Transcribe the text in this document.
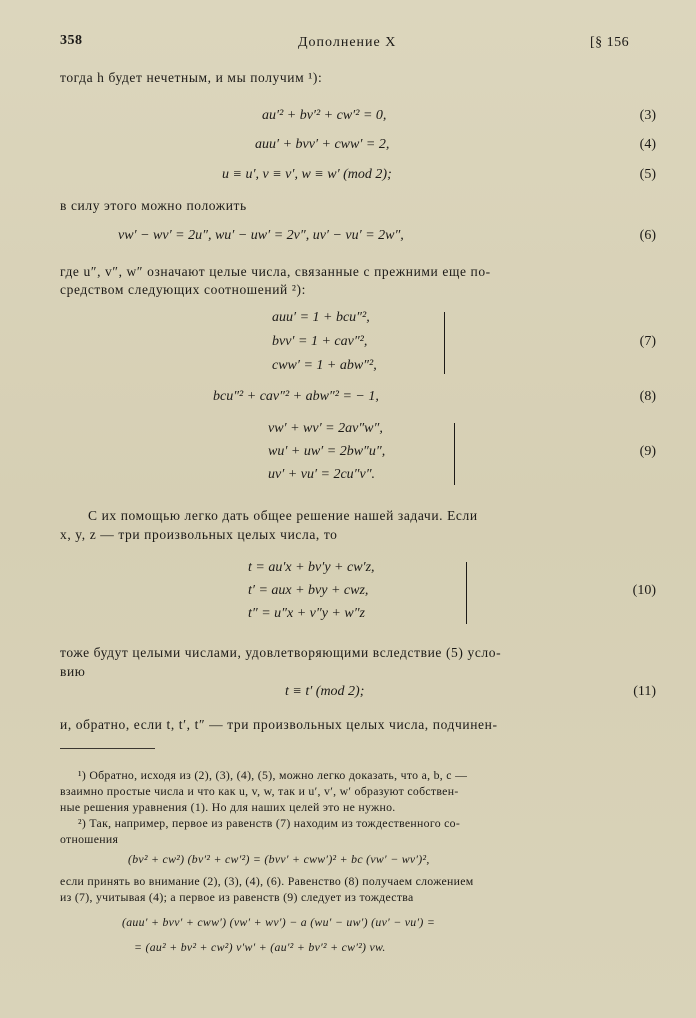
358	Дополнение X	[§ 156
тогда h будет нечетным, и мы получим ¹):
au′² + bv′² + cw′² = 0,	(3)
auu′ + bvv′ + cww′ = 2,	(4)
u ≡ u′, v ≡ v′, w ≡ w′ (mod 2);	(5)
в силу этого можно положить
vw′ − wv′ = 2u″, wu′ − uw′ = 2v″, uv′ − vu′ = 2w″,	(6)
где u″, v″, w″ означают целые числа, связанные с прежними еще по-
средством следующих соотношений ²):
auu′ = 1 + bcu″²,
bvv′ = 1 + cav″²,
cww′ = 1 + abw″²,
(7)
bcu″² + cav″² + abw″² = − 1,	(8)
vw′ + wv′ = 2av″w″,
wu′ + uw′ = 2bw″u″,
uv′ + vu′ = 2cu″v″.
(9)
С их помощью легко дать общее решение нашей задачи. Если
x, y, z — три произвольных целых числа, то
t = au′x + bv′y + cw′z,
t′ = aux + bvy + cwz,
t″ = u″x + v″y + w″z
(10)
тоже будут целыми числами, удовлетворяющими вследствие (5) усло-
вию
t ≡ t′ (mod 2);	(11)
и, обратно, если t, t′, t″ — три произвольных целых числа, подчинен-
¹) Обратно, исходя из (2), (3), (4), (5), можно легко доказать, что a, b, c —
взаимно простые числа и что как u, v, w, так и u′, v′, w′ образуют собствен-
ные решения уравнения (1). Но для наших целей это не нужно.
²) Так, например, первое из равенств (7) находим из тождественного со-
отношения
(bv² + cw²) (bv′² + cw′²) = (bvv′ + cww′)² + bc (vw′ − wv′)²,
если принять во внимание (2), (3), (4), (6). Равенство (8) получаем сложением
из (7), учитывая (4); а первое из равенств (9) следует из тождества
(auu′ + bvv′ + cww′) (vw′ + wv′) − a (wu′ − uw′) (uv′ − vu′) =
= (au² + bv² + cw²) v′w′ + (au′² + bv′² + cw′²) vw.
